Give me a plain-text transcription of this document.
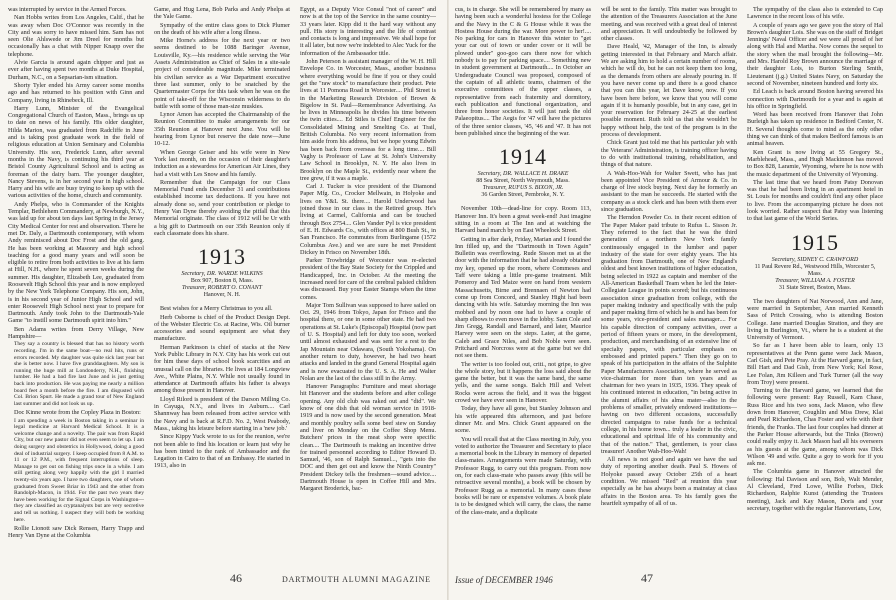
was interrupted by service in the Armed Forces.

Nan Hobbs writes from Los Angeles, Calif., that he was away when Doc O'Connor was recently in the City and was sorry to have missed him. Sam has not seen Olie Ahlswede or Jim Dreel for months but occasionally has a chat with Nipper Knapp over the telephone.

Alvie Garcia is around again chipper and just as ever after having spent two months at Duke Hospital, Durham, N.C., on a Sepsarian-ism situation.

Shorty Tyler ended his Army career some months ago and has returned to his position with Ginn and Company, living in Rhinebeck, Ill.

Harry Lunn, Minister of the Evangelical Congregational Church of Easton, Mass., brings us up to date on news of his family. His older daughter, Hilda Marion, was graduated from Radcliffe in June and is taking post graduate work in the field of religious education at Union Seminary and Columbia University. His son, Frederick Lunn, after several months in the Navy, is continuing his third year at Bristol County Agricultural School and is acting as foreman of the dairy barn. The younger daughter, Nancy Stevens, is in her second year in high school. Harry and his wife are busy trying to keep up with the various activities of the home, church and community.

Andy Phelps, who is Commander of the Knights Templar, Bethlehem Commandery, at Newburgh, N.Y., was laid up for about ten days last Spring in the Jersey City Medical Center for rest and observation. There he met Dr. Daly, a Dartmouth contemporary, with whom Andy reminisced about Doc Frost and the old gang. He has been working at Masonry and high school teaching for a good many years and will soon be eligible to retire from both activities to live at his farm at Hill, N.H., where he spent seven weeks during the summer. His daughter, Elizabeth Lee, graduated from Roosevelt High School this year and is now employed by the New York Telephone Company. His son, John, is in his second year of Junior High School and will enter Roosevelt High School next year to prepare for Dartmouth. Andy took John to the Dartmouth-Yale Game "to instill some Dartmouth spirit into him."

Ben Adams writes from Derry Village, New Hampshire—

They say a country is blessed that has no history worth recording. I'm in the same boat—no real hits, runs or errors recorded. My daughter was quite sick last year but she is better now. I have five granddaughters. My son is running the huge mill at Londonderry, N.H., finishing lumber. He had a bad fire last June and is just getting back into production. He was paying me nearly a million board feet a month before the fire. I am disgusted with Col. Brion Spurt. He made a grand tour of New England last summer and did not look us up.

Doc Kinne wrote from the Copley Plaza in Boston:

I am spending a week in Boston taking in a seminar in legal medicine at Harvard Medical School. It is a welcome change and a novelty. The pair was from Rapid City, but our new pastor did not even seem to let up. I am doing surgery and obstetrics in Hollywood, doing a good deal of industrial surgery. I keep occupied from 8 A.M. to 11 or 12 P.M., with frequent interruptions of sleep. Manage to get out on fishing trips once in a while. I am still getting along very happily with the girl I married twenty-six years ago. I have two daughters, one of whom graduated from Sweet Briar in 1943 and the other from Randolph-Macon, in 1944. For the past two years they have been working for the Signal Corps in Washington—they are classified as cryptanalysts but are very secretive and tell us nothing. I suspect they will both be working here.

Rollie Lionott saw Dick Rensen, Harry Trapp and Henry Van Dyne at the Columbia

Game, and Hug Lena, Bob Parks and Andy Phelps at the Yale Game.

Sympathy of the entire class goes to Dick Plumer on the death of his wife after a long illness.

Mike Horne's address for the next year or two seems destined to be 1088 Baringer Avenue, Louisville, Ky.—his residence while serving the War Assets Administration as Chief of Sales in a site-sale project of considerable magnitude. Mike terminated his civilian service as a War Department executive three last summer, only to be snatched by the Quartermaster Corps for this task when he was on the point of take-off for the Wisconsin wilderness to do battle with some of those man-size muskies.

Lynor Amon has accepted the Chairmanship of the Reunion Committee to make arrangements for our 35th Reunion at Hanover next June. You will be hearing from Lynor but reserve the date now—June 10-12.

When George Geiser and his wife were in New York last month, on the occasion of their daughter's induction as a stewardess for American Air Lines, they had a visit with Les Snow and his family.

Remember that the Campaign for our Class Memorial Fund ends December 31 and contributions established income tax deductions. If you have not already done so, send your contribution or pledge to Henry Van Dyne thereby avoiding the pitfall that this Memorial originate. The class of 1912 will be Ur with a big gift to Dartmouth on our 35th Reunion only if each classmate does his share.

1913

Secretary, DR. WARDE WILKINS

Box 907, Boston 8, Mass.

Treasurer, ROBERT O. CONANT

Hanover, N. H.

Best wishes for a Merry Christmas to you all.

Herb Osborne is chief of the Product Design Dept. of the Webster Electric Co. at Racine, Wis. Oil burner accessories and sound equipment are what they manufacture.

Herman Parkinson is chief of stacks at the New York Public Library in N.Y. City has his work cut out for him these days of school book scarcities and an unusual call on the libraries. He lives at 184 Longview Ave., White Plains, N.Y. While not usually found in attendance at Dartmouth affairs his father is always among those present in Hanover.

Lloyd Rilord is president of the Darson Milling Co. in Cayuga, N.Y., and lives in Auburn.... Carl Shannway has been released from active service with the Navy and is back at R.F.D. No. 2, West Peabody, Mass., taking his leisure before starting in a 'new job.'

Since Kippy Yuck wrote to us for the reunion, we're not been able to find his location or learn just why he has been tinted to the rank of Ambassador and the Legation in Cairo to that of an Embassy. He started in 1913, also in

Egypt, as a Deputy Vice Consul "not of career" and now is at the top of the Service in the same country—33 years later. Kipp did it the hard way without any pull. His story is interesting and the life of contrast and contacts is long and impressive. We shall hope for it all later, but now we're indebted to Alec Yuck for the information of the Ambassador title.

John Peterson is assistant manager of the W. H. Hill Envelope Co. in Worcester, Mass., another business where everything would be fine if you or they could get the "raw stock" to manufacture their product. Pete lives at 11 Pomona Road in Worcester.... Phil Street is in the Marketing Research Division of Brown & Bigelow in St. Paul—Remembrance Advertising. As he lives in Minneapolis he divides his time between the twin cities.... Ed Stiles is Chief Engineer for the Consolidated Mining and Smelting Co. at Trail, British Columbia. No very recent information from him aside from his address, but we hope young Edwin has been back from overseas for a long time.... Bill Vaghy is Professor of Law at St. John's University Law School in Brooklyn, N. Y. He also lives in Brooklyn on the Maple St., evidently near where the tree grew, if it was a maple.

Carl J. Tucker is vice president of the Diamond Paper Mfg. Co., Crocker Mellwain, in Holyoke and lives on Y&L St. there.... Harold Underwood has joined those in our class in the Retired group. He's living at Carmel, California and can be touched through Box 2754.... Glen Vander Pyl is vice president of E. H. Edwards Co., with offices at 800 Bush St., in San Francisco. He commutes from Burlingame (1572 Columbus Ave.) and we are sure he met President Dickey in Frisco on November 18th.

Parker Trowbridge of Worcester was re-elected president of the Bay State Society for the Crippled and Handicapped, Inc. in October. At the meeting the increased need for care of the cerebral palsied children was discussed. Buy your Easter Stamps when the time comes.

Major Tom Sullivan was supposed to have sailed on Oct. 29, 1946 from Tokyo, Japan for Frisco and the hospital there, or one in some other state. He had two operations at St. Luke's (Episcopal) Hospital (now part of U. S. Hospital) and left for duty too soon, worked until almost exhausted and was sent for a rest to the Jap Mountain near Odawara, (South Yokohama). On another return to duty, however, he had two heart attacks and landed in the grand General Hospital again and is now evacuated to the U. S. A. He and Walter Nolan are the last of the class still in the Army.

Hanover Paragraphs: Furniture and meat shortage hit Hanover and the students before and after college opening. Any old club was raked out and "did". We know of one dish that old woman service in 1918-1919 and is now used by the second generation. Meat and monthly poultry sells some beef stew on Sunday and liver on Monday on the Coffee Shop Menu. Butchers' prices in the meat shop were specific clean.... The Dartmouth is making an incentive drive for trained personnel according to Editor Howard D. Samuel, '46, son of Ralph Samuel..., "gets into the DOC and then get out and know the Ninth Country" President Dickey tells the freshmen—sound advice.... Dartmouth House is open in Coffee Hill and Mrs. Margaret Broderick, bac-

46	DARTMOUTH ALUMNI MAGAZINE

cus, is in charge. She will be remembered by many as having been such a wonderful hostess for the College and the Navy in the C & G House while it was the Hostess House during the war. More power to her!.... No parking for cars in Hanover this winter to "get your car out of town or under cover or it will be plowed under" goo-goo cars there now for which nobody is to pay for parking space.... Something new in student government at Dartmouth.... In October an Undergraduate Council was proposed, composed of the captain of all athletic teams, chairmen of the executive committees of the upper classes, a representative from each fraternity and dormitory, each publication and functional organization, and three from honor societies. It will just rank the old Palaeopitus.... The Aegis for '47 will have the pictures of the three senior classes, '45, '46 and '47. It has not been published since the beginning of the war.

1914

Secretary, DR. WALLACE H. DRAKE

88 Sea Street, North Weymouth, Mass.

Treasurer, RUFUS S. BIXON, JR.

36 Garden Street, Pembroke, N. Y.

November 10th—dead-line for copy. Room 113, Hanover Inn. It's been a great week-end! Just imagine sitting in a room at The Inn and at watching the Harvard band march by on East Wheelock Street.

Getting in after dark, Friday, Marian and I found the Inn filled up, and the "Dartmouth in Town Again" Bulletin was overflowing. Rude Sisson met us at the door with the information that he had already obtained my key, opened up the room, where Commeses and Taff were taking a little pre-game treatment. Milt Pomeroy and Ted Maize were on hand from western Massachusetts, Birne and Brennaen of Newton had come up from Concord, and Stanley Hight had been dancing with his wife. Saturday morning the Inn was mobbed and by noon one had to have a couple of sharp elbows to even move in the lobby. Sam Cole and Jim Gregg, Randall and Barnard, and later, Maurice Harvey were seen on the steps. Later, at the game, Caleb and Grace Niles, and Bob Noble were seen. Pritchard and Norcross were at the game but we did not see them.

The writer is too fooled out, criti., not gripe, to give the whole story, but it happens the loss said about the game the better, but it was the same band, the same yells, and the same songs. Balch Hill and Velvet Rocks were across the field, and it was the biggest crowd we have ever seen in Hanover.

Today, they have all gone, but Stanley Johnson and his wife appeared this afternoon, and just before dinner Mr. and Mrs. Chick Grant appeared on the scene.

You will recall that at the Class meeting in July, you voted to authorize the Treasurer and Secretary to place a memorial book in the Library in memory of departed class-mates. Arrangements were made Saturday, with Professor Rugg, to carry out this program. From now on, for each class-mate who passes away (this will be retroactive several months), a book will be chosen by Professor Rugg as a memorial. In many cases these books will be rare or expensive volumes. A book plate is to be designed which will carry, the class, the name of the class-mate, and a duplicate

will be sent to the family. This matter was brought to the attention of the Treasurers Association at the June meeting, and was received with a great deal of interest and appreciation. It will undoubtedly be followed by other classes.

Dave Heald, '42, Manager of the Inn, is already getting interested in that February and March affair. We are asking him to hold a certain number of rooms, which he will do, but he can not keep them too long, as the demands from others are already pouring in. If you have never come up and there is a good chance that you can this year, let Dave know, now. If you have been here before, we know that you will come again if it is humanly possible, but in any case, get in your reservation for February 24-25 at the earliest possible moment. Ruth told us that she wouldn't be happy without help, the test of the program is in the process of development.

Chick Grant just told me that his particular job with the Veterans' Administration, is training officer having to do with institutional training, rehabilitation, and things of that nature.

A Wah-Hoo-Wah for Walter Swett, who has just been appointed Vice President of Armour & Co. in charge of live stock buying. Next day he formerly an assistant to the man he succeeds. He started with the company as a stock clerk and has been with them ever since graduation.

The Herndon Powder Co. in their recent edition of The Paper Maker paid tribute to Rufus L. Sisson Jr. They referred to the fact that he was the third generation of a northern New York family continuously engaged in the lumber and paper industry of the state for over eighty years. The his graduation from Dartmouth, one of New England's oldest and best known institutions of higher education, being selected in 1922 as captain and member of the All-American Basketball Team when he led the Inter-Collegiate League in points scored; but his continuous association since graduation from college, with the paper making industry and specifically with the pulp and paper making firm of which he is and has been for some years, vice-president and sales manager.... For his capable direction of company activities, over a period of fifteen years or more, in the development, production, and merchandising of an extensive line of specialty papers, with particular emphasis on embossed and printed papers." Then they go on to speak of his participation in the affairs of the Sulphite Paper Manufacturers Association, where he served as vice-chairman for more than ten years and as chairman for two years in 1935, 1936. They speak of his continued interest in education, "in being active in the alumni affairs of his alma mater—also in the problems of smaller, privately endowed institutions—having on two different occasions, successfully directed campaigns to raise funds for a technical college, in his home town... truly a leader in the civic, educational and spiritual life of his community and that of the nation." That, gentlemen, is your class treasurer! Another Wah-Hoo-Wah!

All news is not good and again we have the sad duty of reporting another death. Paul S. Howes of Holyoke passed away October 25th of a heart condition. We missed "Red" at reunion this year especially as he has always been a mainstay at class affairs in the Boston area. To his family goes the heartfelt sympathy of all of us.

The sympathy of the class also is extended to Cap Lawrence in the recent loss of his wife.

A couple of years ago we gave you the story of Hal Brown's daughter Lois. She was on the staff of Bridget Jennings' Naval Officer and we were all proud of her along with Hal and Martha. Now comes the sequel to the story when the mail brought the following—Mr. and Mrs. Harold Roy Brown announce the marriage of their daughter Lois, to Burton Sterling Smith, Lieutenant (j.g.) United States Navy, on Saturday the second of November, nineteen hundred and forty six.

Ed Leach is back around Boston having severed his connection with Dartmouth for a year and is again at his office in Springfield.

Word has been received from Hanover that John Burleigh has taken up residence in Bedford Center, N. H. Several thoughts come to mind as the only other thing we can think of that makes Bedford famous is an animal heaven.

Ken Grant is now living at 55 Gregory St., Marblehead, Mass., and Hugh Mackinnon has moved to Box 828, Laramie, Wyoming, where he is now with the music department of the University of Wyoming.

The last time that we heard from Patsy Donovan was that he had been living in an apartment hotel in St. Louis for months and couldn't find any other place to live. From the accompanying picture he does not look worried. Rather suspect that Patsy was listening to that last game of the World Series.

1915

Secretary, SIDNEY C. CRAWFORD

11 Paul Revere Rd., Westwood Hills, Worcester 5, Mass.

Treasurer, WILLIAM A. FOSTER

31 State Street, Boston, Mass.

The two daughters of Nat Norwood, Ann and Jane, were married in September, Ann married Kenneth Sass of Pritch Crossing, who is attending Boston College. Jane married Douglas Stratton, and they are living in Burlington, Vt., where he is a student at the University of Vermont.

So far as I have been able to learn, only 13 representatives at the Penn game were Jack Mason, Carl Gish, and Pete Pray. At the Harvard game, in fact, Bill Hart and Dad Gish, from New York; Kel Rose, Lee Folan, Jim Killeen and Turk Turner (all the way from Troy) were present.

Turning to the Harvard game, we learned that the following were present: Ray Russell, Kam Chase, Russ Rice and his two sons, Jack Mason, who flew down from Hanover, Coughlin and Miss Drew, Klai and Pearl Richardson, Chas Foster and wife with their friends, the Franks. The last four couples had dinner at the Parker House afterwards, but the Tinks (Brown) could really enjoy it. Jack Mason had all his overseers as his guests at the game, among whom was Dick Wilson '49 and wife. Quite a goy to work for if you ask me.

The Columbia game in Hanover attracted the following: Hal Davison and son, Bob, Walt Mender, Al Cleveland, Fred Lowe, Willie Forbes, Dick Richardson, Ralphie Kunst (attending the Trustees meeting), Jack and Kay Mason, Doris and your secretary, together with the regular Hanoverians, Low,

Issue of DECEMBER 1946	47
